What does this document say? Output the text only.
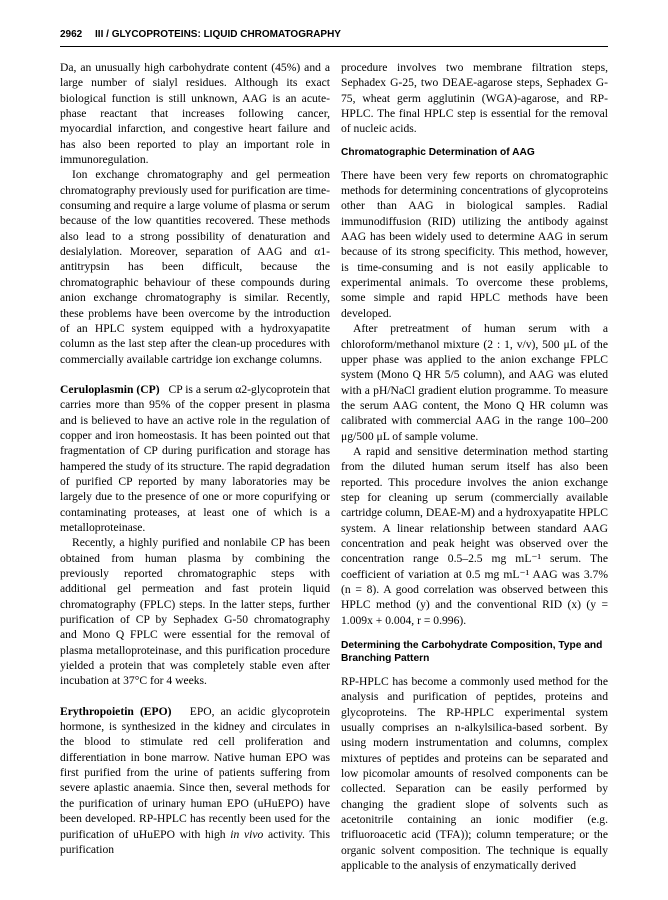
2962 III / GLYCOPROTEINS: LIQUID CHROMATOGRAPHY

Da, an unusually high carbohydrate content (45%) and a large number of sialyl residues. Although its exact biological function is still unknown, AAG is an acute-phase reactant that increases following cancer, myocardial infarction, and congestive heart failure and has also been reported to play an important role in immunoregulation.

Ion exchange chromatography and gel permeation chromatography previously used for purification are time-consuming and require a large volume of plasma or serum because of the low quantities recovered. These methods also lead to a strong possibility of denaturation and desialylation. Moreover, separation of AAG and α1-antitrypsin has been difficult, because the chromatographic behaviour of these compounds during anion exchange chromatography is similar. Recently, these problems have been overcome by the introduction of an HPLC system equipped with a hydroxyapatite column as the last step after the clean-up procedures with commercially available cartridge ion exchange columns.

Ceruloplasmin (CP) CP is a serum α2-glycoprotein that carries more than 95% of the copper present in plasma and is believed to have an active role in the regulation of copper and iron homeostasis. It has been pointed out that fragmentation of CP during purification and storage has hampered the study of its structure. The rapid degradation of purified CP reported by many laboratories may be largely due to the presence of one or more copurifying or contaminating proteases, at least one of which is a metalloproteinase.

Recently, a highly purified and nonlabile CP has been obtained from human plasma by combining the previously reported chromatographic steps with additional gel permeation and fast protein liquid chromatography (FPLC) steps. In the latter steps, further purification of CP by Sephadex G-50 chromatography and Mono Q FPLC were essential for the removal of plasma metalloproteinase, and this purification procedure yielded a protein that was completely stable even after incubation at 37°C for 4 weeks.

Erythropoietin (EPO) EPO, an acidic glycoprotein hormone, is synthesized in the kidney and circulates in the blood to stimulate red cell proliferation and differentiation in bone marrow. Native human EPO was first purified from the urine of patients suffering from severe aplastic anaemia. Since then, several methods for the purification of urinary human EPO (uHuEPO) have been developed. RP-HPLC has recently been used for the purification of uHuEPO with high in vivo activity. This purification

procedure involves two membrane filtration steps, Sephadex G-25, two DEAE-agarose steps, Sephadex G-75, wheat germ agglutinin (WGA)-agarose, and RP-HPLC. The final HPLC step is essential for the removal of nucleic acids.

Chromatographic Determination of AAG

There have been very few reports on chromatographic methods for determining concentrations of glycoproteins other than AAG in biological samples. Radial immunodiffusion (RID) utilizing the antibody against AAG has been widely used to determine AAG in serum because of its strong specificity. This method, however, is time-consuming and is not easily applicable to experimental animals. To overcome these problems, some simple and rapid HPLC methods have been developed.

After pretreatment of human serum with a chloroform/methanol mixture (2 : 1, v/v), 500 μL of the upper phase was applied to the anion exchange FPLC system (Mono Q HR 5/5 column), and AAG was eluted with a pH/NaCl gradient elution programme. To measure the serum AAG content, the Mono Q HR column was calibrated with commercial AAG in the range 100–200 μg/500 μL of sample volume.

A rapid and sensitive determination method starting from the diluted human serum itself has also been reported. This procedure involves the anion exchange step for cleaning up serum (commercially available cartridge column, DEAE-M) and a hydroxyapatite HPLC system. A linear relationship between standard AAG concentration and peak height was observed over the concentration range 0.5–2.5 mg mL⁻¹ serum. The coefficient of variation at 0.5 mg mL⁻¹ AAG was 3.7% (n = 8). A good correlation was observed between this HPLC method (y) and the conventional RID (x) (y = 1.009x + 0.004, r = 0.996).

Determining the Carbohydrate Composition, Type and Branching Pattern

RP-HPLC has become a commonly used method for the analysis and purification of peptides, proteins and glycoproteins. The RP-HPLC experimental system usually comprises an n-alkylsilica-based sorbent. By using modern instrumentation and columns, complex mixtures of peptides and proteins can be separated and low picomolar amounts of resolved components can be collected. Separation can be easily performed by changing the gradient slope of solvents such as acetonitrile containing an ionic modifier (e.g. trifluoroacetic acid (TFA)); column temperature; or the organic solvent composition. The technique is equally applicable to the analysis of enzymatically derived
